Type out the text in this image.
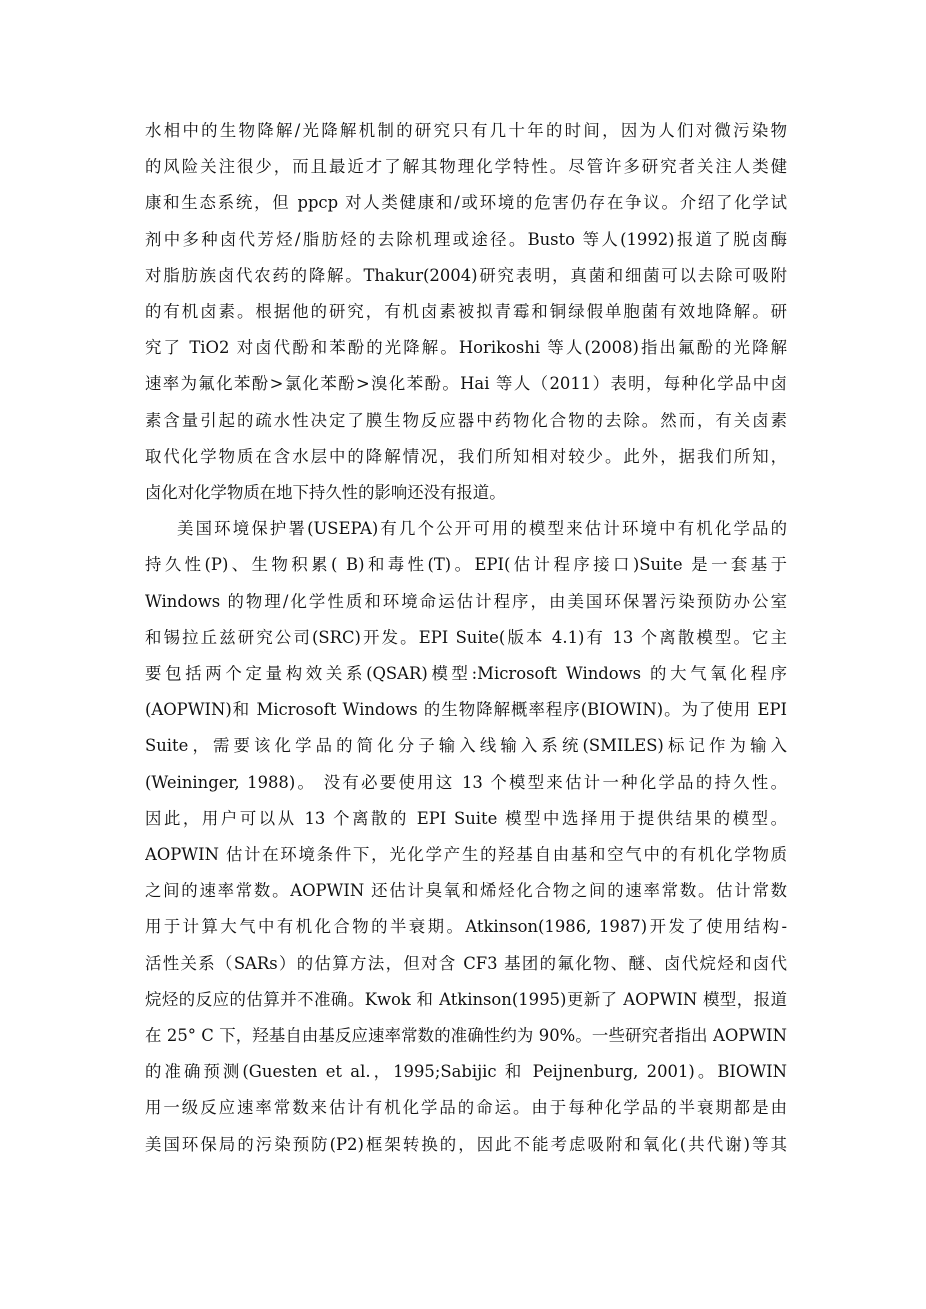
水相中的生物降解/光降解机制的研究只有几十年的时间，因为人们对微污染物
的风险关注很少，而且最近才了解其物理化学特性。尽管许多研究者关注人类健
康和生态系统，但 ppcp 对人类健康和/或环境的危害仍存在争议。介绍了化学试
剂中多种卤代芳烃/脂肪烃的去除机理或途径。Busto 等人(1992)报道了脱卤酶
对脂肪族卤代农药的降解。Thakur(2004)研究表明，真菌和细菌可以去除可吸附
的有机卤素。根据他的研究，有机卤素被拟青霉和铜绿假单胞菌有效地降解。研
究了 TiO2 对卤代酚和苯酚的光降解。Horikoshi 等人(2008)指出氟酚的光降解
速率为氟化苯酚>氯化苯酚>溴化苯酚。Hai 等人（2011）表明，每种化学品中卤
素含量引起的疏水性决定了膜生物反应器中药物化合物的去除。然而，有关卤素
取代化学物质在含水层中的降解情况，我们所知相对较少。此外，据我们所知，
卤化对化学物质在地下持久性的影响还没有报道。
美国环境保护署(USEPA)有几个公开可用的模型来估计环境中有机化学品的
持久性(P)、生物积累( B)和毒性(T)。EPI(估计程序接口)Suite 是一套基于
Windows 的物理/化学性质和环境命运估计程序，由美国环保署污染预防办公室
和锡拉丘兹研究公司(SRC)开发。EPI Suite(版本 4.1)有 13 个离散模型。它主
要包括两个定量构效关系(QSAR)模型:Microsoft Windows 的大气氧化程序
(AOPWIN)和 Microsoft Windows 的生物降解概率程序(BIOWIN)。为了使用 EPI
Suite，需要该化学品的简化分子输入线输入系统(SMILES)标记作为输入
(Weininger, 1988)。 没有必要使用这 13 个模型来估计一种化学品的持久性。
因此，用户可以从 13 个离散的 EPI Suite 模型中选择用于提供结果的模型。
AOPWIN 估计在环境条件下，光化学产生的羟基自由基和空气中的有机化学物质
之间的速率常数。AOPWIN 还估计臭氧和烯烃化合物之间的速率常数。估计常数
用于计算大气中有机化合物的半衰期。Atkinson(1986, 1987)开发了使用结构-
活性关系（SARs）的估算方法，但对含 CF3 基团的氟化物、醚、卤代烷烃和卤代
烷烃的反应的估算并不准确。Kwok 和 Atkinson(1995)更新了 AOPWIN 模型，报道
在 25° C 下，羟基自由基反应速率常数的准确性约为 90%。一些研究者指出 AOPWIN
的准确预测(Guesten et al.，1995;Sabijic 和 Peijnenburg, 2001)。BIOWIN
用一级反应速率常数来估计有机化学品的命运。由于每种化学品的半衰期都是由
美国环保局的污染预防(P2)框架转换的，因此不能考虑吸附和氧化(共代谢)等其
